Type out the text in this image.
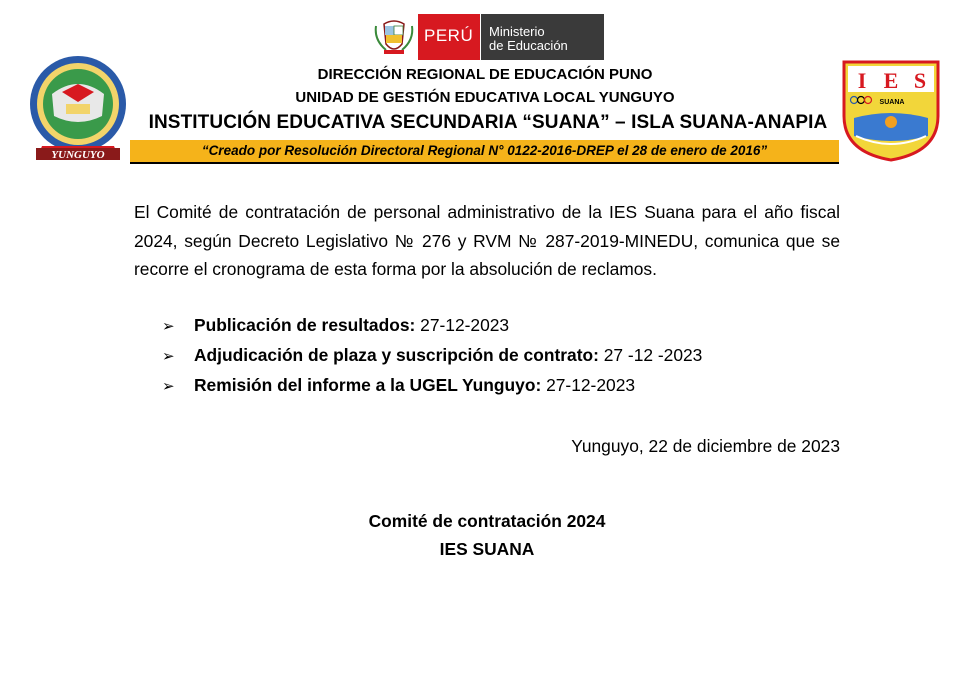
PERÚ Ministerio
de Educación
YUNGUYO
I E S
SUANA
DIRECCIÓN REGIONAL DE EDUCACIÓN PUNO
UNIDAD DE GESTIÓN EDUCATIVA LOCAL YUNGUYO
INSTITUCIÓN EDUCATIVA SECUNDARIA “SUANA” – ISLA SUANA-ANAPIA
“Creado por Resolución Directoral Regional N° 0122-2016-DREP el 28 de enero de 2016”
El Comité de contratación de personal administrativo de la IES Suana para el año fiscal 2024, según Decreto Legislativo № 276 y RVM № 287-2019-MINEDU, comunica que se recorre el cronograma de esta forma por la absolución de reclamos.
➢	Publicación de resultados: 27-12-2023
➢	Adjudicación de plaza y suscripción de contrato: 27 -12 -2023
➢	Remisión del informe a la UGEL Yunguyo: 27-12-2023
Yunguyo, 22 de diciembre de 2023
Comité de contratación 2024
IES SUANA
